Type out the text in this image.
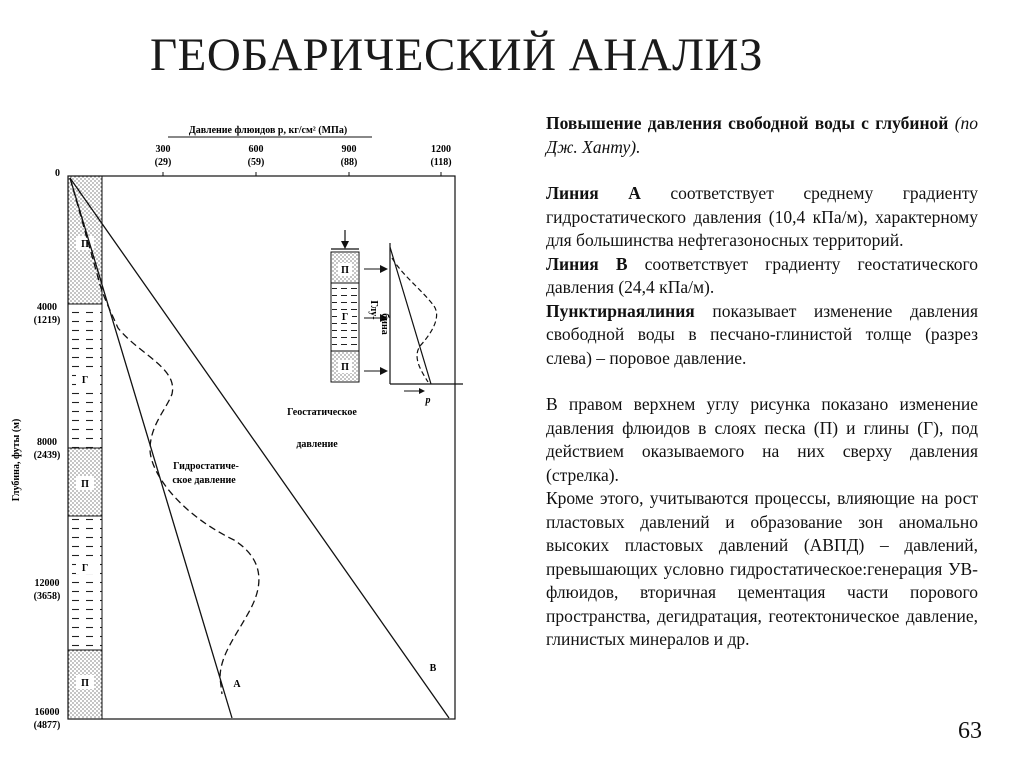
ГЕОБАРИЧЕСКИЙ АНАЛИЗ
Давление флюидов p, кг/см² (МПа)
300
(29)
600
(59)
900
(88)
1200
(118)
0
П
Г
П
Г
П
4000
(1219)
8000
(2439)
12000
(3658)
16000
(4877)
Глубина, футы (м)
A
B
Геостатическое
давление
Гидростатиче-
ское давление
П
Г
П
Глу-
бина
p

Повышение давления свободной воды с глубиной (по Дж. Ханту).

Линия А соответствует среднему градиенту гидростатического давления (10,4 кПа/м), характерному для большинства нефтегазоносных территорий.

Линия В соответствует градиенту геостатического давления (24,4 кПа/м).

Пунктирнаялиния показывает изменение давления свободной воды в песчано-глинистой толще (разрез слева) – поровое давление.

В правом верхнем углу рисунка показано изменение давления флюидов в слоях песка (П) и глины (Г), под действием оказываемого на них сверху давления (стрелка).

Кроме этого, учитываются процессы, влияющие на рост пластовых давлений и образование зон аномально высоких пластовых давлений (АВПД) – давлений, превышающих условно гидростатическое:генерация УВ-флюидов, вторичная цементация части порового пространства, дегидратация, геотектоническое давление, глинистых минералов и др.

63
